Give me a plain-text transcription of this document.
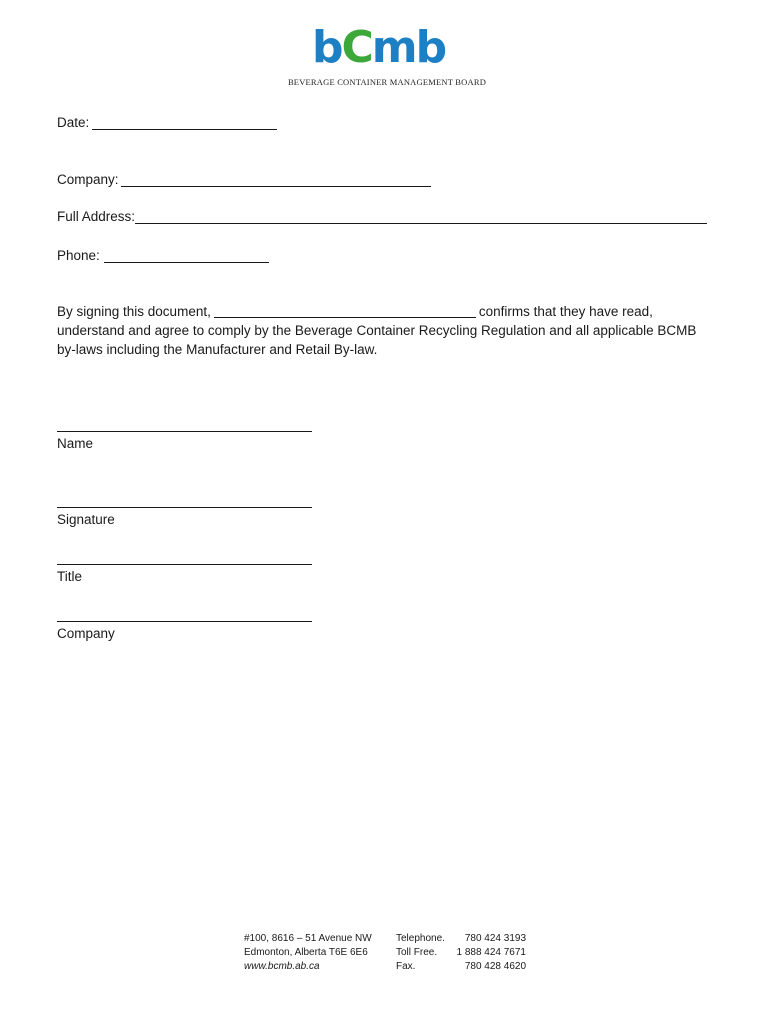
bCmb
BEVERAGE CONTAINER MANAGEMENT BOARD
Date:
Company:
Full Address:
Phone:
By signing this document,	confirms that they have read, understand and agree to comply by the Beverage Container Recycling Regulation and all applicable BCMB by-laws including the Manufacturer and Retail By-law.
Name
Signature
Title
Company
#100, 8616 – 51 Avenue NW
Edmonton, Alberta T6E 6E6
www.bcmb.ab.ca
Telephone.
Toll Free.
Fax.
780 424 3193
1 888 424 7671
780 428 4620
